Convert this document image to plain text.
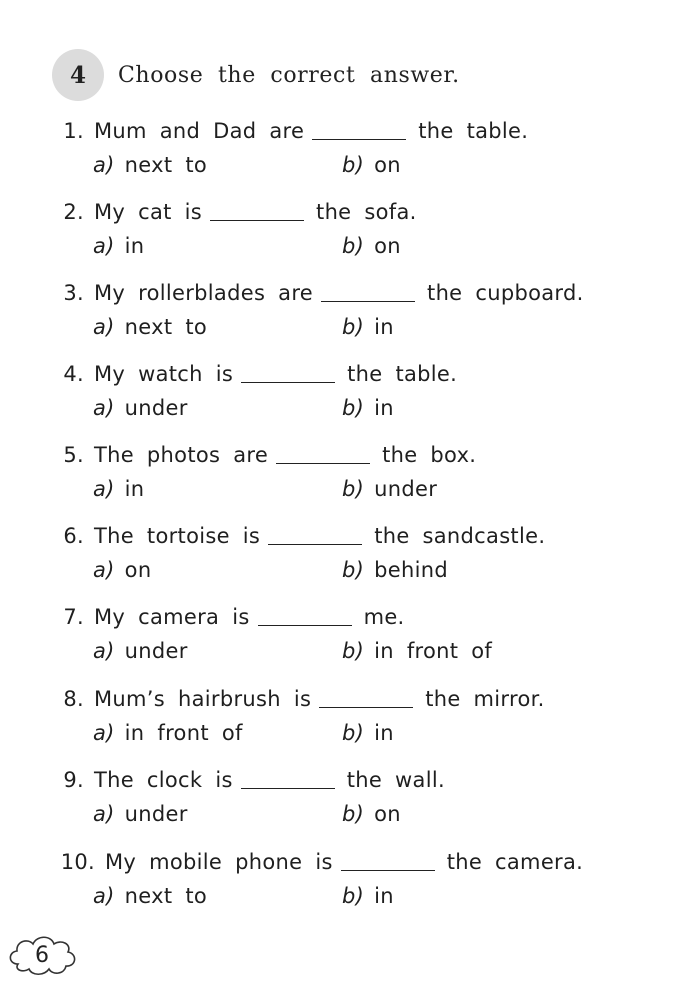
4	Choose the correct answer.
1. Mum and Dad are	the table.
a) next to	b) on
2. My cat is	the sofa.
a) in	b) on
3. My rollerblades are	the cupboard.
a) next to	b) in
4. My watch is	the table.
a) under	b) in
5. The photos are	the box.
a) in	b) under
6. The tortoise is	the sandcastle.
a) on	b) behind
7. My camera is	me.
a) under	b) in front of
8. Mum’s hairbrush is	the mirror.
a) in front of	b) in
9. The clock is	the wall.
a) under	b) on
10. My mobile phone is	the camera.
a) next to	b) in
6
